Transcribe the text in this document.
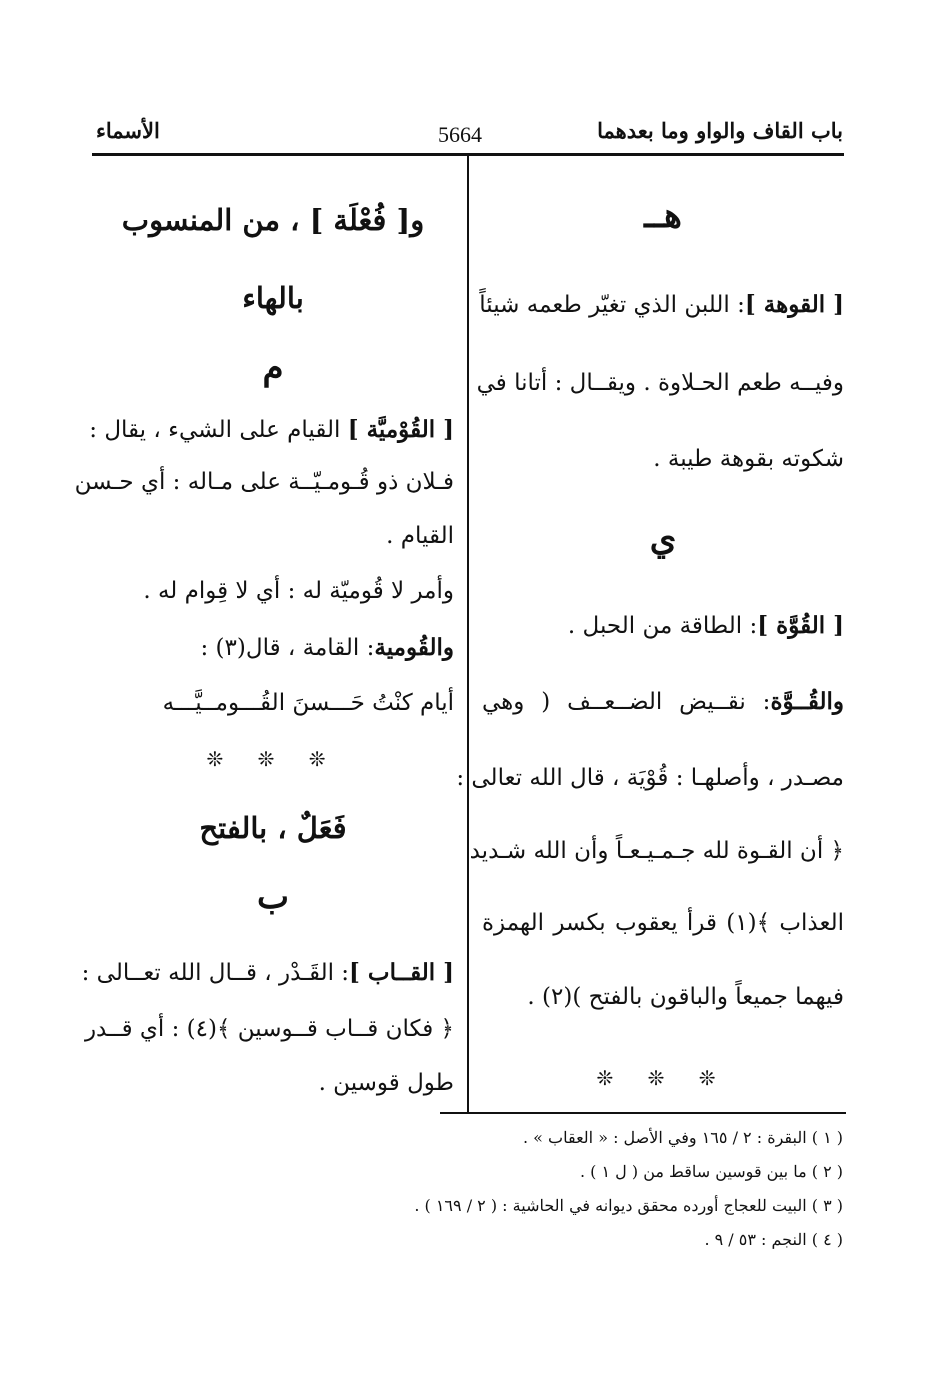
باب القاف والواو وما بعدهما
5664
الأسماء
هــ
[ القوهة ]: اللبن الذي تغيّر طعمه شيئاً
وفيــه طعم الحـلاوة . ويقــال : أتانا في
شكوته بقوهة طيبة .
ي
[ القُوَّة ]: الطاقة من الحبل .
والقُــوَّة: نقــيض الضــعــف ( وهي
مصـدر ، وأصلهـا : قُوْيَة ، قال الله تعالى :
﴿ أن القـوة لله جـمـيـعـاً وأن الله شـديد
العذاب ﴾(١) قرأ يعقوب بكسر الهمزة
فيهما جميعاً والباقون بالفتح )(٢) .
❊ ❊ ❊
و[ فُعْلَة ] ، من المنسوب
بالهاء
م
[ القُوْميَّة ] القيام على الشيء ، يقال :
فـلان ذو قُـومـيّــة على مـاله : أي حـسن
القيام .
وأمر لا قُوميّة له : أي لا قِوام له .
والقُومية: القامة ، قال(٣) :
أيام كنْتُ حَـــسنَ القُـــومــيَّـــه
❊ ❊ ❊
فَعَلٌ ، بالفتح
ب
[ القــاب ]: القَـدْر ، قــال الله تعــالى :
﴿ فكان قــاب قــوسين ﴾(٤) : أي قــدر
طول قوسين .
( ١ ) البقرة : ٢ / ١٦٥ وفي الأصل : « العقاب » .
( ٢ ) ما بين قوسين ساقط من ( ل ١ ) .
( ٣ ) البيت للعجاج أورده محقق ديوانه في الحاشية : ( ٢ / ١٦٩ ) .
( ٤ ) النجم : ٥٣ / ٩ .
